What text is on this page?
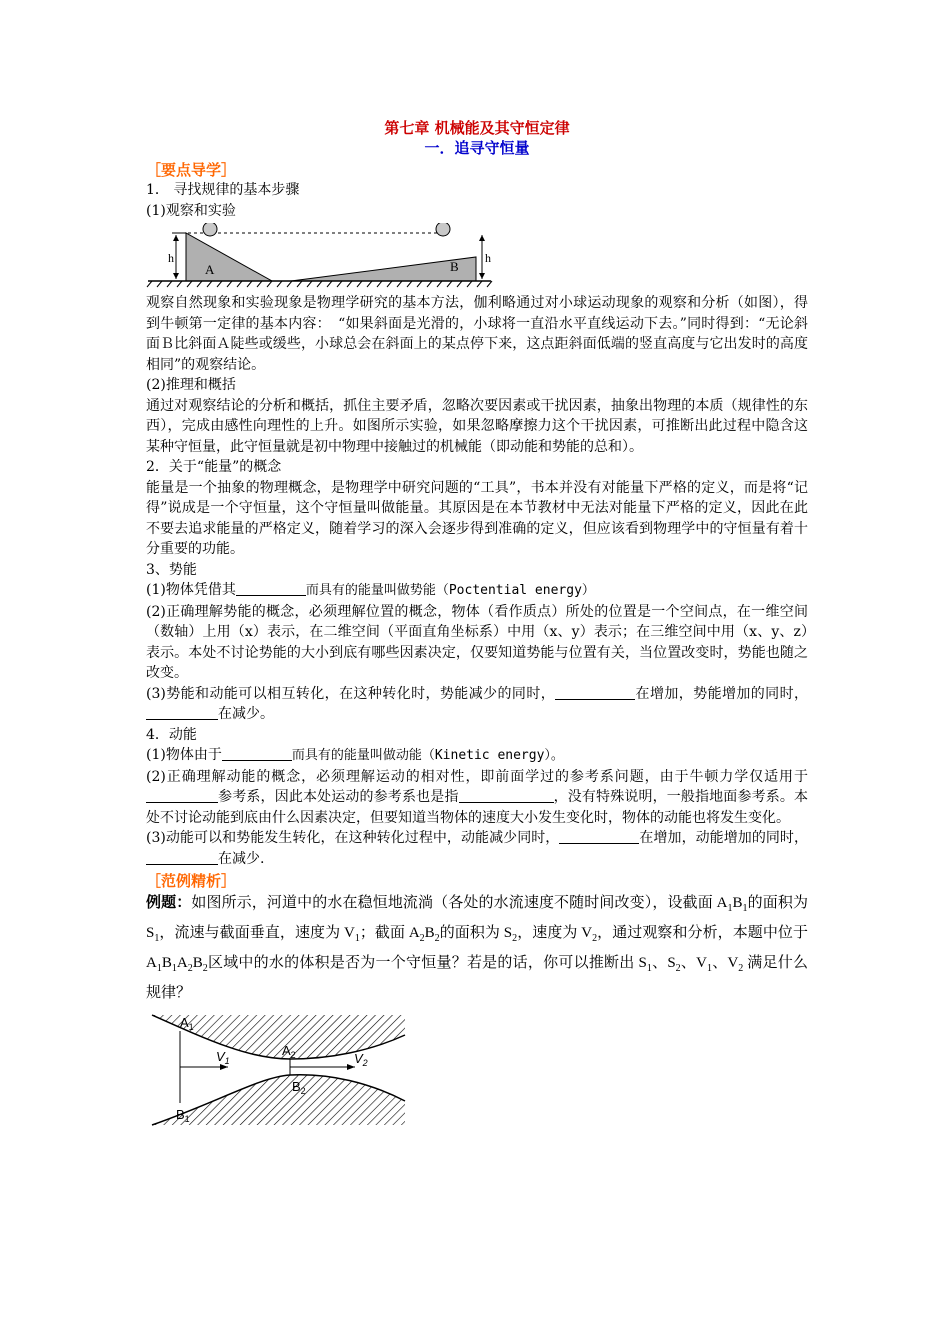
第七章 机械能及其守恒定律
一．追寻守恒量
［要点导学］
1． 寻找规律的基本步骤
(1)观察和实验
h	h
A	B
观察自然现象和实验现象是物理学研究的基本方法，伽利略通过对小球运动现象的观察和分析（如图），得到牛顿第一定律的基本内容：　“如果斜面是光滑的，小球将一直沿水平直线运动下去。”同时得到：“无论斜面Ｂ比斜面Ａ陡些或缓些，小球总会在斜面上的某点停下来，这点距斜面低端的竖直高度与它出发时的高度相同”的观察结论。
(2)推理和概括
通过对观察结论的分析和概括，抓住主要矛盾，忽略次要因素或干扰因素，抽象出物理的本质（规律性的东西），完成由感性向理性的上升。如图所示实验，如果忽略摩擦力这个干扰因素，可推断出此过程中隐含这某种守恒量，此守恒量就是初中物理中接触过的机械能（即动能和势能的总和）。
2．关于“能量”的概念
能量是一个抽象的物理概念，是物理学中研究问题的“工具”，书本并没有对能量下严格的定义，而是将“记得”说成是一个守恒量，这个守恒量叫做能量。其原因是在本节教材中无法对能量下严格的定义，因此在此不要去追求能量的严格定义，随着学习的深入会逐步得到准确的定义，但应该看到物理学中的守恒量有着十分重要的功能。
3、势能
(1)物体凭借其	而具有的能量叫做势能（Poctential energy）
(2)正确理解势能的概念，必须理解位置的概念，物体（看作质点）所处的位置是一个空间点，在一维空间（数轴）上用（x）表示，在二维空间（平面直角坐标系）中用（x、y）表示；在三维空间中用（x、y、z）表示。本处不讨论势能的大小到底有哪些因素决定，仅要知道势能与位置有关，当位置改变时，势能也随之改变。
(3)势能和动能可以相互转化，在这种转化时，势能减少的同时，	在增加，势能增加的同时，在减少。
4．动能
(1)物体由于	而具有的能量叫做动能（Kinetic energy）。
(2)正确理解动能的概念，必须理解运动的相对性，即前面学过的参考系问题，由于牛顿力学仅适用于参考系，因此本处运动的参考系也是指	，没有特殊说明，一般指地面参考系。本处不讨论动能到底由什么因素决定，但要知道当物体的速度大小发生变化时，物体的动能也将发生变化。
(3)动能可以和势能发生转化，在这种转化过程中，动能减少同时，	在增加，动能增加的同时，在减少.
［范例精析］
例题：如图所示，河道中的水在稳恒地流淌（各处的水流速度不随时间改变），设截面 $A_1B_1$的面积为 $S_1$，流速与截面垂直，速度为 $V_1$；截面 $A_2B_2$的面积为 $S_2$，速度为 $V_2$，通过观察和分析，本题中位于 $A_1B_1A_2B_2$区域中的水的体积是否为一个守恒量？若是的话，你可以推断出 $S_1$、$S_2$、$V_1$、$V_2$ 满足什么规律？
$A_1$
$B_1$
$A_2$
$B_2$
$V_1$	$V_2$
